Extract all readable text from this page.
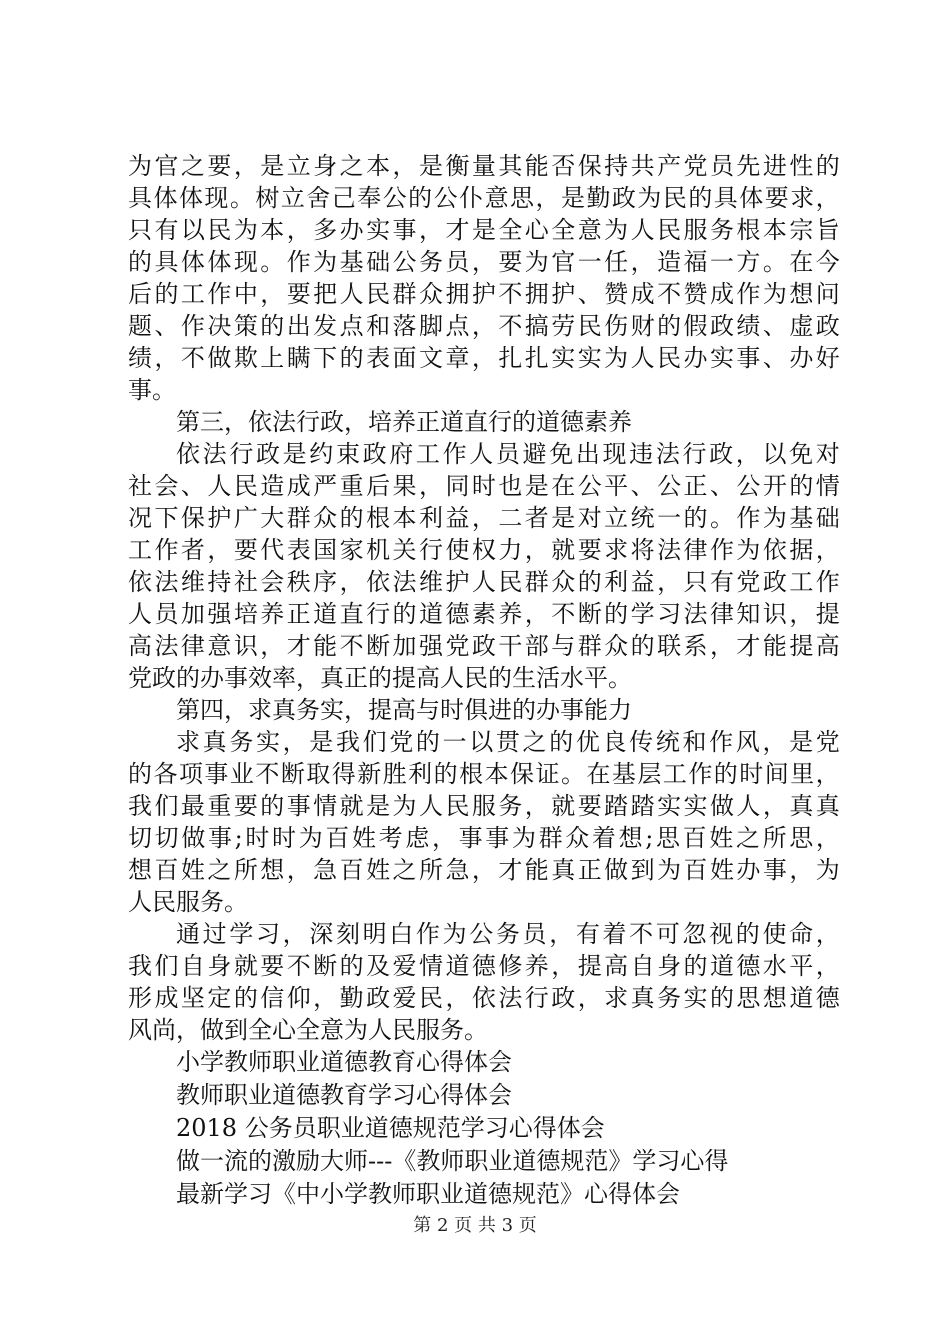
为 官 之 要 ， 是 立 身 之 本 ， 是 衡 量 其 能 否 保 持 共 产 党 员 先 进 性 的
具 体 体 现 。 树 立 舍 己 奉 公 的 公 仆 意 思 ， 是 勤 政 为 民 的 具 体 要 求 ，
只 有 以 民 为 本 ， 多 办 实 事 ， 才 是 全 心 全 意 为 人 民 服 务 根 本 宗 旨
的 具 体 体 现 。 作 为 基 础 公 务 员 ， 要 为 官 一 任 ， 造 福 一 方 。 在 今
后 的 工 作 中 ， 要 把 人 民 群 众 拥 护 不 拥 护 、 赞 成 不 赞 成 作 为 想 问
题 、 作 决 策 的 出 发 点 和 落 脚 点 ， 不 搞 劳 民 伤 财 的 假 政 绩 、 虚 政
绩 ， 不 做 欺 上 瞒 下 的 表 面 文 章 ， 扎 扎 实 实 为 人 民 办 实 事 、 办 好
事。
第三，依法行政，培养正道直行的道德素养
依 法 行 政 是 约 束 政 府 工 作 人 员 避 免 出 现 违 法 行 政 ， 以 免 对
社 会 、 人 民 造 成 严 重 后 果 ， 同 时 也 是 在 公 平 、 公 正 、 公 开 的 情
况 下 保 护 广 大 群 众 的 根 本 利 益 ， 二 者 是 对 立 统 一 的 。 作 为 基 础
工 作 者 ， 要 代 表 国 家 机 关 行 使 权 力 ， 就 要 求 将 法 律 作 为 依 据 ，
依 法 维 持 社 会 秩 序 ， 依 法 维 护 人 民 群 众 的 利 益 ， 只 有 党 政 工 作
人 员 加 强 培 养 正 道 直 行 的 道 德 素 养 ， 不 断 的 学 习 法 律 知 识 ， 提
高 法 律 意 识 ， 才 能 不 断 加 强 党 政 干 部 与 群 众 的 联 系 ， 才 能 提 高
党政的办事效率，真正的提高人民的生活水平。
第四，求真务实，提高与时俱进的办事能力
求 真 务 实 ， 是 我 们 党 的 一 以 贯 之 的 优 良 传 统 和 作 风 ， 是 党
的 各 项 事 业 不 断 取 得 新 胜 利 的 根 本 保 证 。 在 基 层 工 作 的 时 间 里 ，
我 们 最 重 要 的 事 情 就 是 为 人 民 服 务 ， 就 要 踏 踏 实 实 做 人 ， 真 真
切 切 做 事 ; 时 时 为 百 姓 考 虑 ， 事 事 为 群 众 着 想 ; 思 百 姓 之 所 思 ，
想 百 姓 之 所 想 ， 急 百 姓 之 所 急 ， 才 能 真 正 做 到 为 百 姓 办 事 ， 为
人民服务。
通 过 学 习 ， 深 刻 明 白 作 为 公 务 员 ， 有 着 不 可 忽 视 的 使 命 ，
我 们 自 身 就 要 不 断 的 及 爱 情 道 德 修 养 ， 提 高 自 身 的 道 德 水 平 ，
形 成 坚 定 的 信 仰 ， 勤 政 爱 民 ， 依 法 行 政 ， 求 真 务 实 的 思 想 道 德
风尚，做到全心全意为人民服务。
小学教师职业道德教育心得体会
教师职业道德教育学习心得体会
2018 公务员职业道德规范学习心得体会
做一流的激励大师---《教师职业道德规范》学习心得
最新学习《中小学教师职业道德规范》心得体会
第 2 页 共 3 页
